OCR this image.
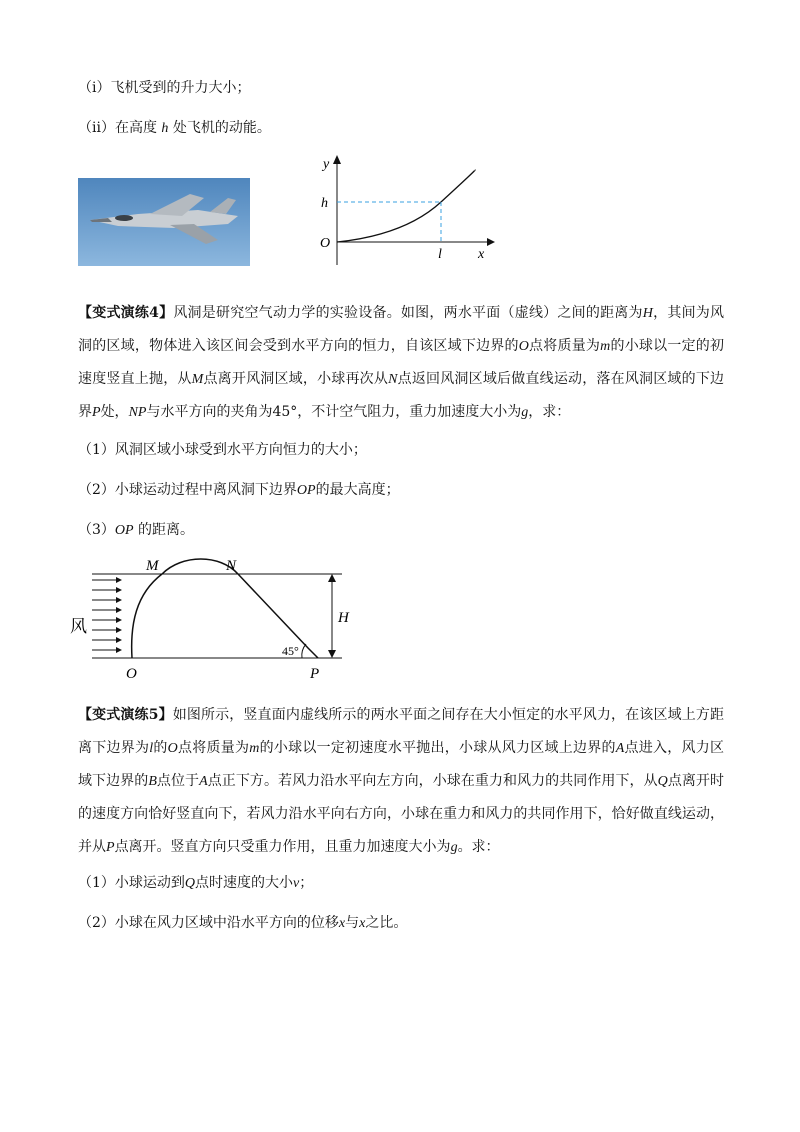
（i）飞机受到的升力大小；
（ii）在高度 h 处飞机的动能。
y
h
O
l	x
【变式演练4】风洞是研究空气动力学的实验设备。如图，两水平面（虚线）之间的距离为H，其间为风洞的区域，物体进入该区间会受到水平方向的恒力，自该区域下边界的O点将质量为m的小球以一定的初速度竖直上抛，从M点离开风洞区域，小球再次从N点返回风洞区域后做直线运动，落在风洞区域的下边界P处，NP与水平方向的夹角为45°，不计空气阻力，重力加速度大小为g，求：
（1）风洞区域小球受到水平方向恒力的大小；
（2）小球运动过程中离风洞下边界OP的最大高度；
（3）OP 的距离。
M	N
H
风
O	P
45°
【变式演练5】如图所示，竖直面内虚线所示的两水平面之间存在大小恒定的水平风力，在该区域上方距离下边界为l的O点将质量为m的小球以一定初速度水平抛出，小球从风力区域上边界的A点进入，风力区域下边界的B点位于A点正下方。若风力沿水平向左方向，小球在重力和风力的共同作用下，从Q点离开时的速度方向恰好竖直向下，若风力沿水平向右方向，小球在重力和风力的共同作用下，恰好做直线运动，并从P点离开。竖直方向只受重力作用，且重力加速度大小为g。求：
（1）小球运动到Q点时速度的大小v；
（2）小球在风力区域中沿水平方向的位移x与x之比。
